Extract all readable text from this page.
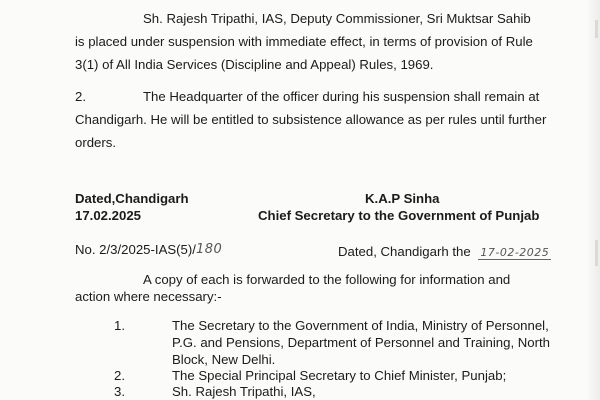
Sh. Rajesh Tripathi, IAS, Deputy Commissioner, Sri Muktsar Sahib
is placed under suspension with immediate effect, in terms of provision of Rule
3(1) of All India Services (Discipline and Appeal) Rules, 1969.
2.	The Headquarter of the officer during his suspension shall remain at
Chandigarh. He will be entitled to subsistence allowance as per rules until further
orders.
Dated,Chandigarh
17.02.2025
K.A.P Sinha
Chief Secretary to the Government of Punjab
No. 2/3/2025-IAS(5)/180	Dated, Chandigarh the 17-02-2025
A copy of each is forwarded to the following for information and
action where necessary:-
1.	The Secretary to the Government of India, Ministry of Personnel,
P.G. and Pensions, Department of Personnel and Training, North
Block, New Delhi.
2.	The Special Principal Secretary to Chief Minister, Punjab;
3.	Sh. Rajesh Tripathi, IAS,
